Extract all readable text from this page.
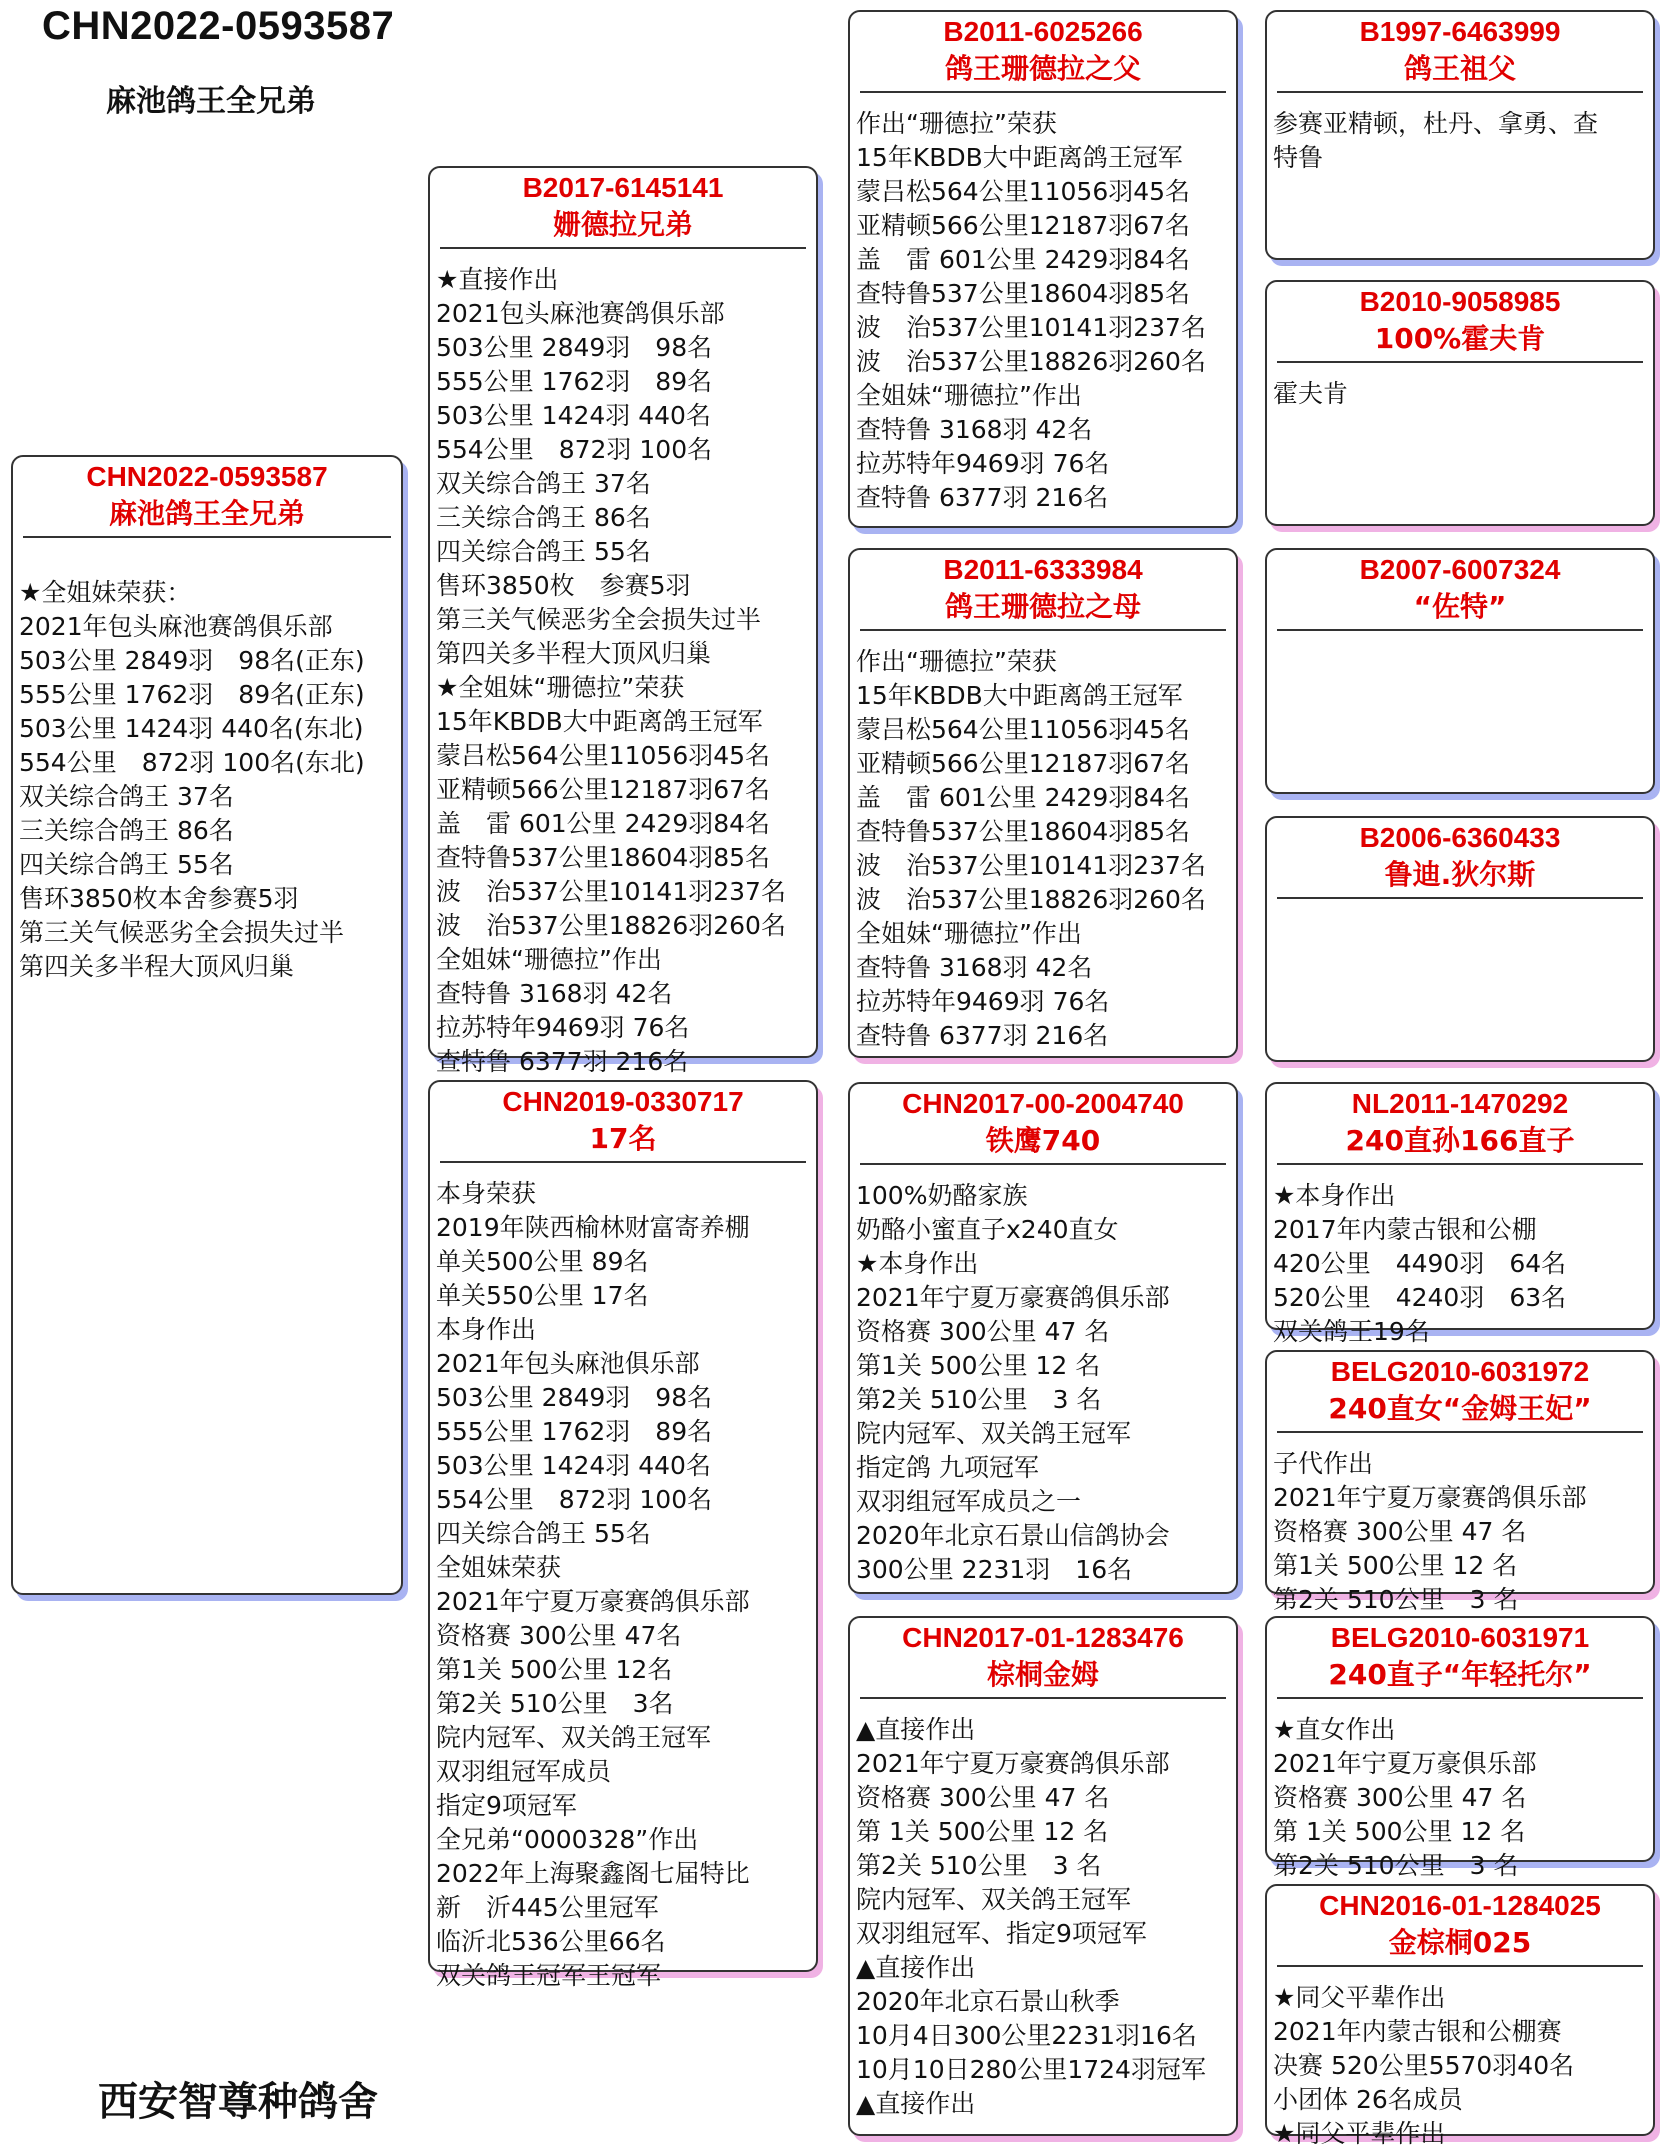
CHN2022-0593587
麻池鸽王全兄弟
西安智尊种鸽舍
CHN2022-0593587
麻池鸽王全兄弟
★全姐妹荣获：
2021年包头麻池赛鸽俱乐部
503公里 2849羽　98名(正东)
555公里 1762羽　89名(正东)
503公里 1424羽 440名(东北)
554公里　872羽 100名(东北)
双关综合鸽王 37名
三关综合鸽王 86名
四关综合鸽王 55名
售环3850枚本舍参赛5羽
第三关气候恶劣全会损失过半
第四关多半程大顶风归巢
B2017-6145141
姗德拉兄弟
★直接作出
2021包头麻池赛鸽俱乐部
503公里 2849羽　98名
555公里 1762羽　89名
503公里 1424羽 440名
554公里　872羽 100名
双关综合鸽王 37名
三关综合鸽王 86名
四关综合鸽王 55名
售环3850枚　参赛5羽
第三关气候恶劣全会损失过半
第四关多半程大顶风归巢
★全姐妹“珊德拉”荣获
15年KBDB大中距离鸽王冠军
蒙吕松564公里11056羽45名
亚精顿566公里12187羽67名
盖　雷 601公里 2429羽84名
查特鲁537公里18604羽85名
波　治537公里10141羽237名
波　治537公里18826羽260名
全姐妹“珊德拉”作出
查特鲁 3168羽 42名
拉苏特年9469羽 76名
查特鲁 6377羽 216名
CHN2019-0330717
17名
本身荣获
2019年陕西榆林财富寄养棚
单关500公里 89名
单关550公里 17名
本身作出
2021年包头麻池俱乐部
503公里 2849羽　98名
555公里 1762羽　89名
503公里 1424羽 440名
554公里　872羽 100名
四关综合鸽王 55名
全姐妹荣获
2021年宁夏万豪赛鸽俱乐部
资格赛 300公里 47名
第1关 500公里 12名
第2关 510公里　3名
院内冠军、双关鸽王冠军
双羽组冠军成员
指定9项冠军
全兄弟“0000328”作出
2022年上海聚鑫阁七届特比
新　沂445公里冠军
临沂北536公里66名
双关鸽王冠军王冠军
B2011-6025266
鸽王珊德拉之父
作出“珊德拉”荣获
15年KBDB大中距离鸽王冠军
蒙吕松564公里11056羽45名
亚精顿566公里12187羽67名
盖　雷 601公里 2429羽84名
查特鲁537公里18604羽85名
波　治537公里10141羽237名
波　治537公里18826羽260名
全姐妹“珊德拉”作出
查特鲁 3168羽 42名
拉苏特年9469羽 76名
查特鲁 6377羽 216名
B2011-6333984
鸽王珊德拉之母
作出“珊德拉”荣获
15年KBDB大中距离鸽王冠军
蒙吕松564公里11056羽45名
亚精顿566公里12187羽67名
盖　雷 601公里 2429羽84名
查特鲁537公里18604羽85名
波　治537公里10141羽237名
波　治537公里18826羽260名
全姐妹“珊德拉”作出
查特鲁 3168羽 42名
拉苏特年9469羽 76名
查特鲁 6377羽 216名
CHN2017-00-2004740
铁鹰740
100%奶酪家族
奶酪小蜜直子x240直女
★本身作出
2021年宁夏万豪赛鸽俱乐部
资格赛 300公里 47 名
第1关 500公里 12 名
第2关 510公里　3 名
院内冠军、双关鸽王冠军
指定鸽 九项冠军
双羽组冠军成员之一
2020年北京石景山信鸽协会
300公里 2231羽　16名
CHN2017-01-1283476
棕桐金姆
▲直接作出
2021年宁夏万豪赛鸽俱乐部
资格赛 300公里 47 名
第 1关 500公里 12 名
第2关 510公里　3 名
院内冠军、双关鸽王冠军
双羽组冠军、指定9项冠军
▲直接作出
2020年北京石景山秋季
10月4日300公里2231羽16名
10月10日280公里1724羽冠军
▲直接作出
B1997-6463999
鸽王祖父
参赛亚精顿，杜丹、拿勇、查
特鲁
B2010-9058985
100%霍夫肯
霍夫肯
B2007-6007324
“佐特”
B2006-6360433
鲁迪.狄尔斯
NL2011-1470292
240直孙166直子
★本身作出
2017年内蒙古银和公棚
420公里　4490羽　64名
520公里　4240羽　63名
双关鸽王19名
BELG2010-6031972
240直女“金姆王妃”
子代作出
2021年宁夏万豪赛鸽俱乐部
资格赛 300公里 47 名
第1关 500公里 12 名
第2关 510公里　3 名
BELG2010-6031971
240直子“年轻托尔”
★直女作出
2021年宁夏万豪俱乐部
资格赛 300公里 47 名
第 1关 500公里 12 名
第2关 510公里　3 名
CHN2016-01-1284025
金棕桐025
★同父平辈作出
2021年内蒙古银和公棚赛
决赛 520公里5570羽40名
小团体 26名成员
★同父平辈作出
